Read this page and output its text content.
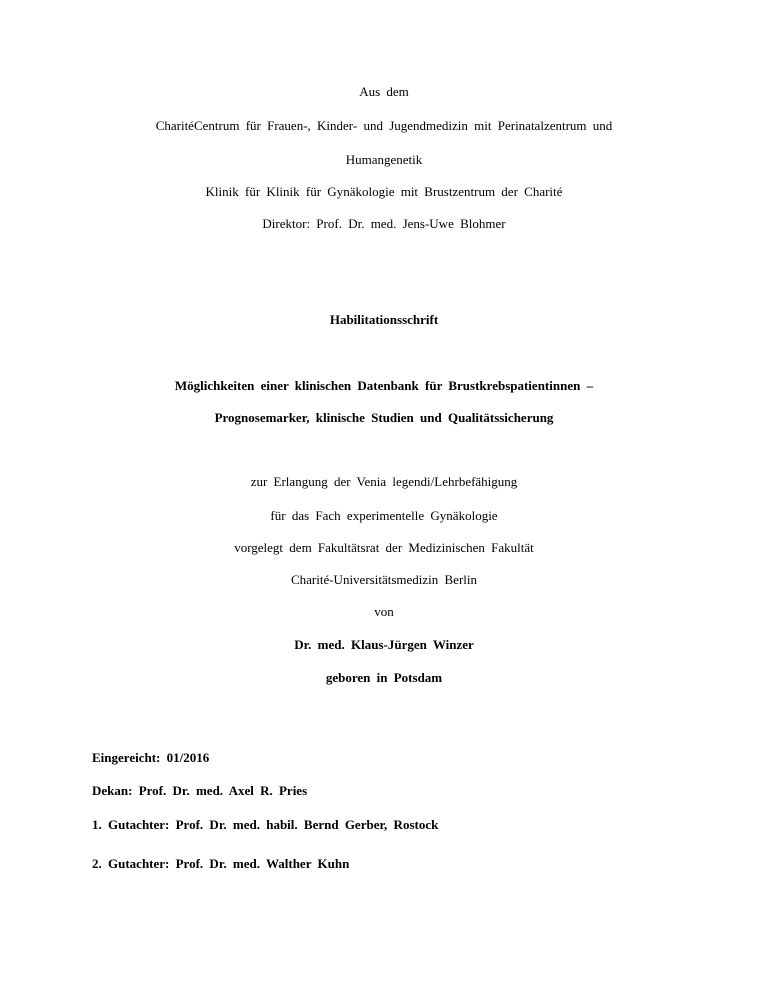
Aus dem
CharitéCentrum für Frauen-, Kinder- und Jugendmedizin mit Perinatalzentrum und
Humangenetik
Klinik für Klinik für Gynäkologie mit Brustzentrum der Charité
Direktor: Prof. Dr. med. Jens-Uwe Blohmer
Habilitationsschrift
Möglichkeiten einer klinischen Datenbank für Brustkrebspatientinnen –
Prognosemarker, klinische Studien und Qualitätssicherung
zur Erlangung der Venia legendi/Lehrbefähigung
für das Fach experimentelle Gynäkologie
vorgelegt dem Fakultätsrat der Medizinischen Fakultät
Charité-Universitätsmedizin Berlin
von
Dr. med. Klaus-Jürgen Winzer
geboren in Potsdam
Eingereicht: 01/2016
Dekan: Prof. Dr. med. Axel R. Pries
1. Gutachter: Prof. Dr. med. habil. Bernd Gerber, Rostock
2. Gutachter: Prof. Dr. med. Walther Kuhn
